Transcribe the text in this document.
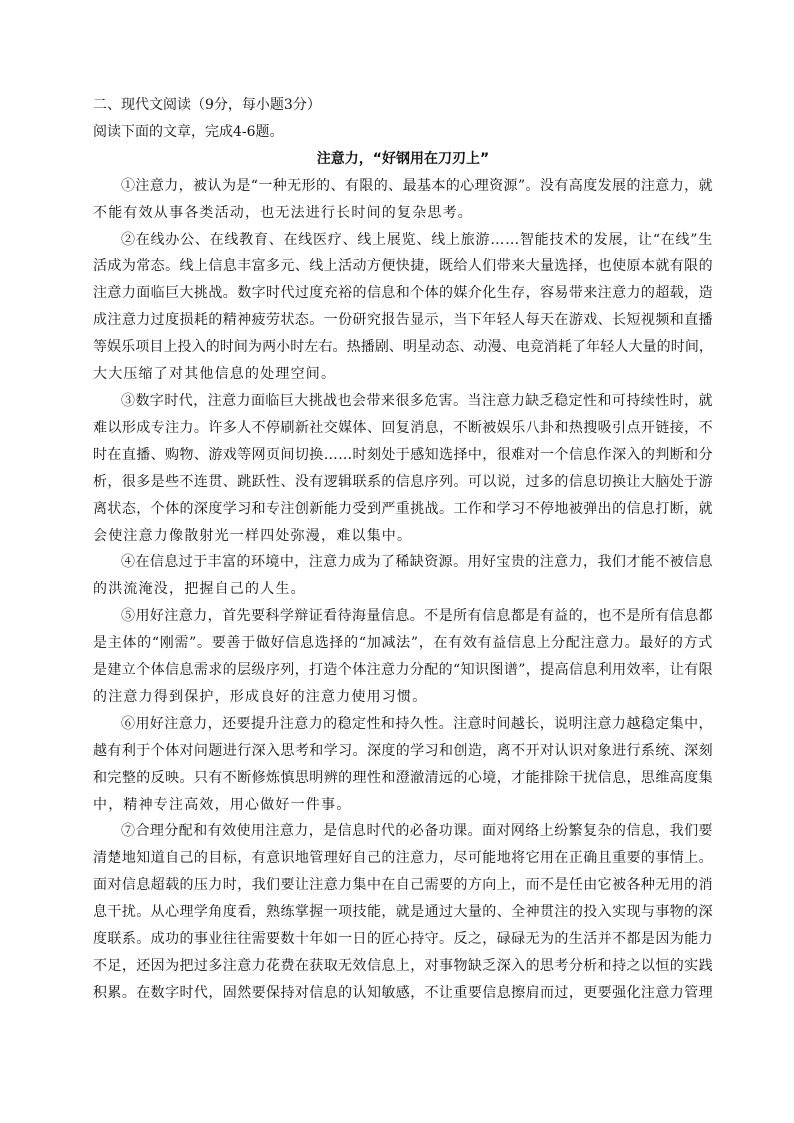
二、现代文阅读（9分，每小题3分）
阅读下面的文章，完成4-6题。
注意力，“好钢用在刀刃上”
①注意力，被认为是“一种无形的、有限的、最基本的心理资源”。没有高度发展的注意力，就
不能有效从事各类活动，也无法进行长时间的复杂思考。
②在线办公、在线教育、在线医疗、线上展览、线上旅游……智能技术的发展，让“在线”生
活成为常态。线上信息丰富多元、线上活动方便快捷，既给人们带来大量选择，也使原本就有限的
注意力面临巨大挑战。数字时代过度充裕的信息和个体的媒介化生存，容易带来注意力的超载，造
成注意力过度损耗的精神疲劳状态。一份研究报告显示，当下年轻人每天在游戏、长短视频和直播
等娱乐项目上投入的时间为两小时左右。热播剧、明星动态、动漫、电竞消耗了年轻人大量的时间，
大大压缩了对其他信息的处理空间。
③数字时代，注意力面临巨大挑战也会带来很多危害。当注意力缺乏稳定性和可持续性时，就
难以形成专注力。许多人不停刷新社交媒体、回复消息，不断被娱乐八卦和热搜吸引点开链接，不
时在直播、购物、游戏等网页间切换……时刻处于感知选择中，很难对一个信息作深入的判断和分
析，很多是些不连贯、跳跃性、没有逻辑联系的信息序列。可以说，过多的信息切换让大脑处于游
离状态，个体的深度学习和专注创新能力受到严重挑战。工作和学习不停地被弹出的信息打断，就
会使注意力像散射光一样四处弥漫，难以集中。
④在信息过于丰富的环境中，注意力成为了稀缺资源。用好宝贵的注意力，我们才能不被信息
的洪流淹没，把握自己的人生。
⑤用好注意力，首先要科学辩证看待海量信息。不是所有信息都是有益的，也不是所有信息都
是主体的“刚需”。要善于做好信息选择的“加减法”，在有效有益信息上分配注意力。最好的方式
是建立个体信息需求的层级序列，打造个体注意力分配的“知识图谱”，提高信息利用效率，让有限
的注意力得到保护，形成良好的注意力使用习惯。
⑥用好注意力，还要提升注意力的稳定性和持久性。注意时间越长，说明注意力越稳定集中，
越有利于个体对问题进行深入思考和学习。深度的学习和创造，离不开对认识对象进行系统、深刻
和完整的反映。只有不断修炼慎思明辨的理性和澄澈清远的心境，才能排除干扰信息，思维高度集
中，精神专注高效，用心做好一件事。
⑦合理分配和有效使用注意力，是信息时代的必备功课。面对网络上纷繁复杂的信息，我们要
清楚地知道自己的目标，有意识地管理好自己的注意力，尽可能地将它用在正确且重要的事情上。
面对信息超载的压力时，我们要让注意力集中在自己需要的方向上，而不是任由它被各种无用的消
息干扰。从心理学角度看，熟练掌握一项技能，就是通过大量的、全神贯注的投入实现与事物的深
度联系。成功的事业往往需要数十年如一日的匠心持守。反之，碌碌无为的生活并不都是因为能力
不足，还因为把过多注意力花费在获取无效信息上，对事物缺乏深入的思考分析和持之以恒的实践
积累。在数字时代，固然要保持对信息的认知敏感，不让重要信息擦肩而过，更要强化注意力管理
